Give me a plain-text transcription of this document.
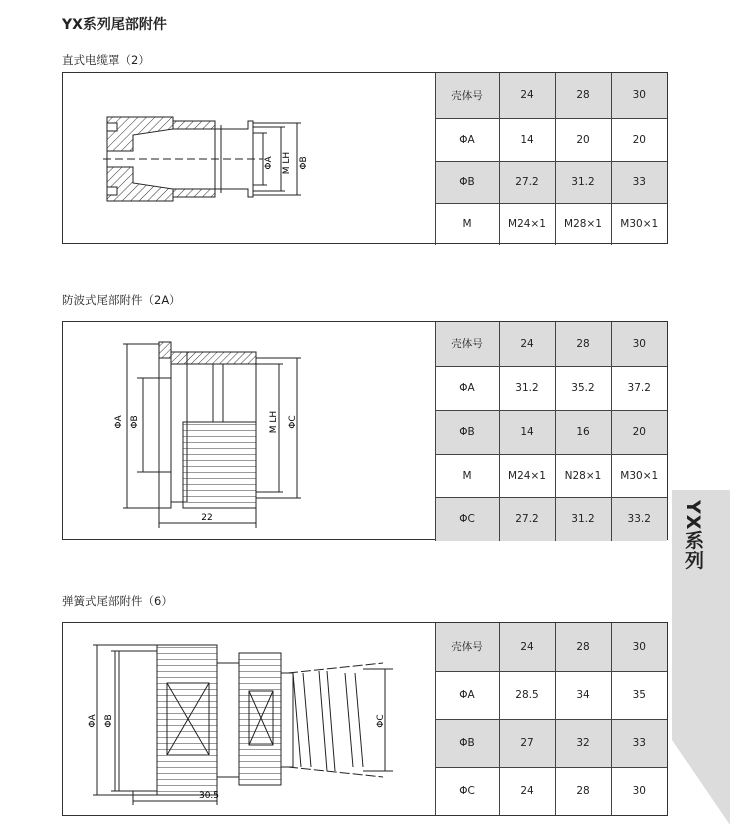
YX系列尾部附件
直式电缆罩（2）
ΦA M LH ΦB
壳体号	24	28	30
ΦA	14	20	20
ΦB	27.2	31.2	33
M	M24×1	M28×1	M30×1
防波式尾部附件（2A）
ΦA ΦB	M LH ΦC
22
壳体号	24	28	30
ΦA	31.2	35.2	37.2
ΦB	14	16	20
M	M24×1	N28×1	M30×1
ΦC	27.2	31.2	33.2
弹簧式尾部附件（6）
ΦA ΦB	ΦC
30.5
壳体号	24	28	30
ΦA	28.5	34	35
ΦB	27	32	33
ΦC	24	28	30
YX系列
